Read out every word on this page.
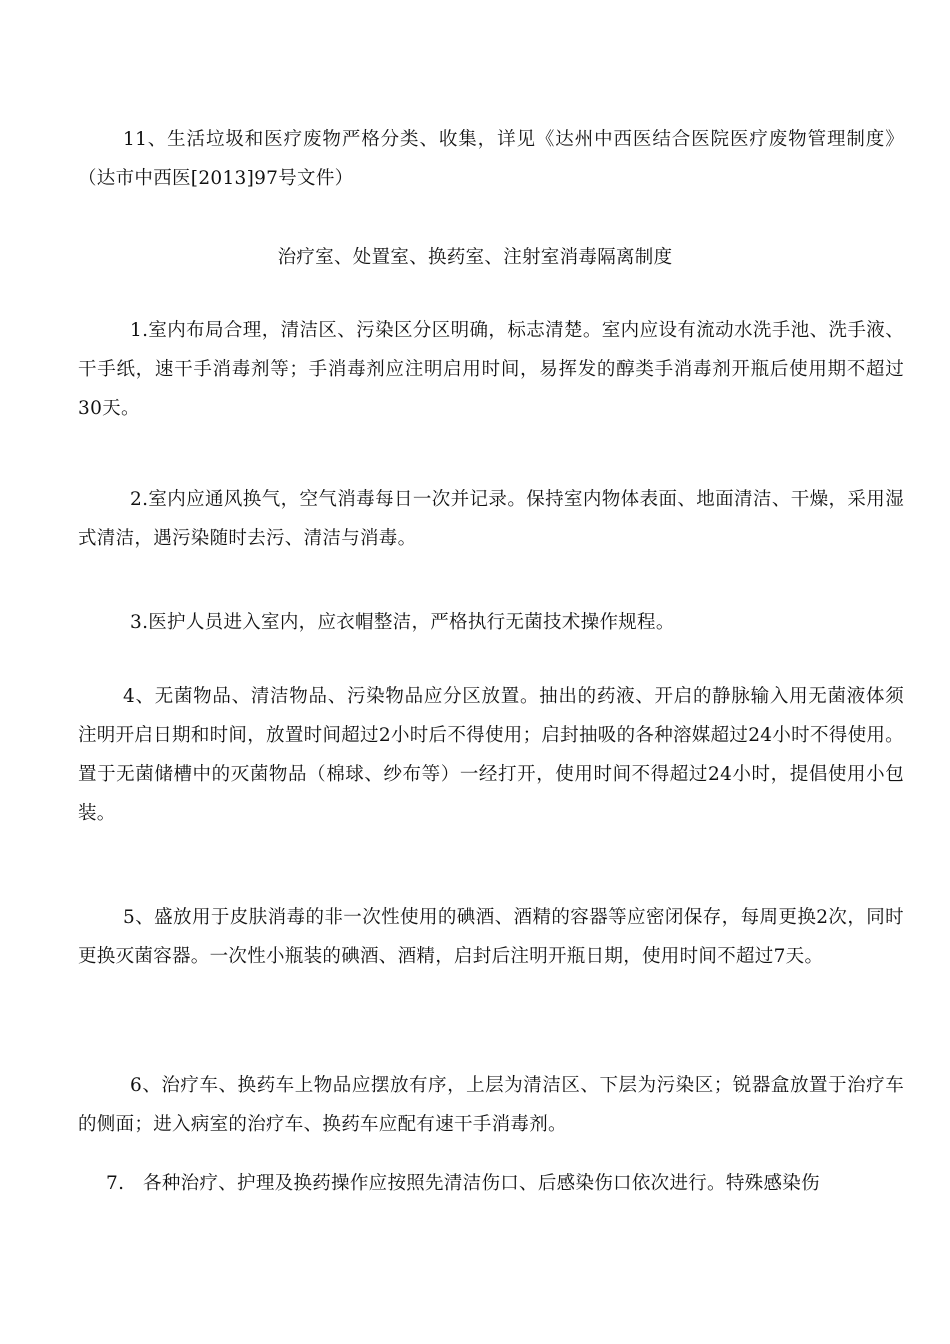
11、生活垃圾和医疗废物严格分类、收集，详见《达州中西医结合医院医疗废物管理制度》（达市中西医[2013]97号文件）

治疗室、处置室、换药室、注射室消毒隔离制度

1.室内布局合理，清洁区、污染区分区明确，标志清楚。室内应设有流动水洗手池、洗手液、干手纸，速干手消毒剂等；手消毒剂应注明启用时间，易挥发的醇类手消毒剂开瓶后使用期不超过30天。

2.室内应通风换气，空气消毒每日一次并记录。保持室内物体表面、地面清洁、干燥，采用湿式清洁，遇污染随时去污、清洁与消毒。

3.医护人员进入室内，应衣帽整洁，严格执行无菌技术操作规程。

4、无菌物品、清洁物品、污染物品应分区放置。抽出的药液、开启的静脉输入用无菌液体须注明开启日期和时间，放置时间超过2小时后不得使用；启封抽吸的各种溶媒超过24小时不得使用。置于无菌储槽中的灭菌物品（棉球、纱布等）一经打开，使用时间不得超过24小时，提倡使用小包装。

5、盛放用于皮肤消毒的非一次性使用的碘酒、酒精的容器等应密闭保存，每周更换2次，同时更换灭菌容器。一次性小瓶装的碘酒、酒精，启封后注明开瓶日期，使用时间不超过7天。

6、治疗车、换药车上物品应摆放有序，上层为清洁区、下层为污染区；锐器盒放置于治疗车的侧面；进入病室的治疗车、换药车应配有速干手消毒剂。

7.　各种治疗、护理及换药操作应按照先清洁伤口、后感染伤口依次进行。特殊感染伤
